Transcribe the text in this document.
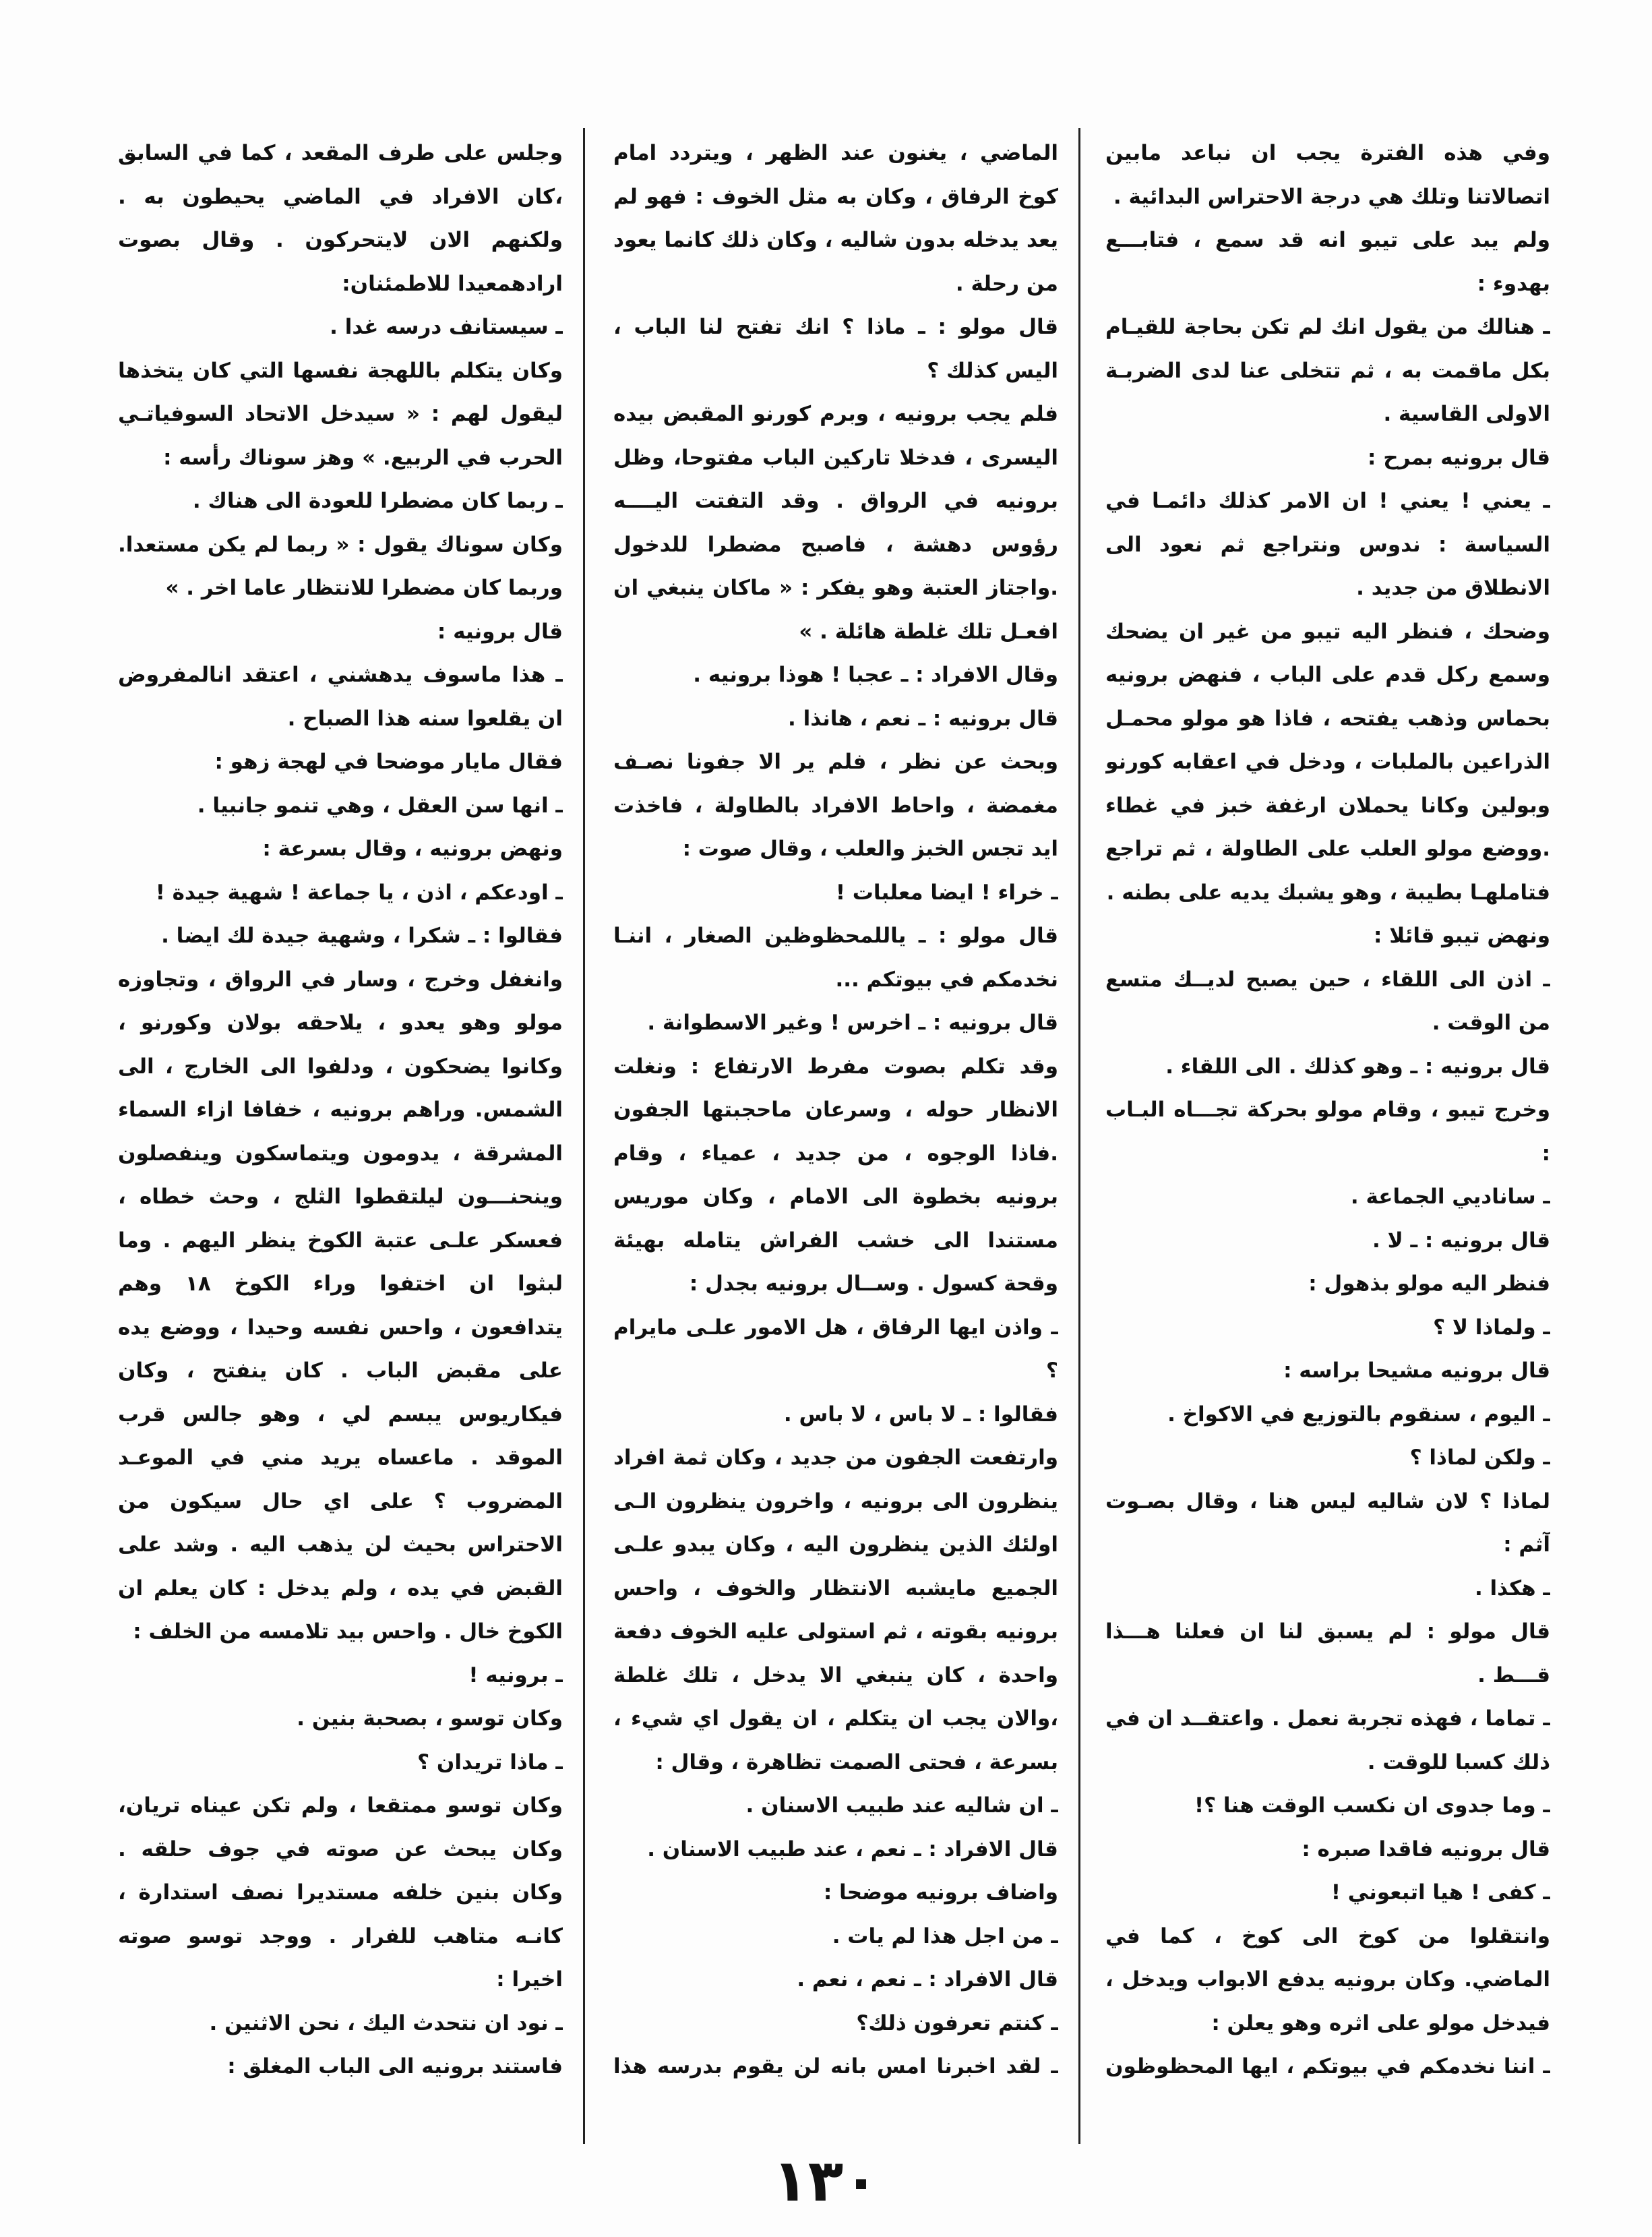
وفي هذه الفترة يجب ان نباعد مابين اتصالاتنا وتلك هي درجة الاحتراس البدائية .

ولم يبد على تيبو انه قد سمع ، فتابـــع بهدوء :

ـ هنالك من يقول انك لم تكن بحاجة للقيـام بكل ماقمت به ، ثم تتخلى عنا لدى الضربـة الاولى القاسية .

قال برونيه بمرح :

ـ يعني ! يعني ! ان الامر كذلك دائمـا في السياسة : ندوس ونتراجع ثم نعود الى الانطلاق من جديد .

وضحك ، فنظر اليه تيبو من غير ان يضحك وسمع ركل قدم على الباب ، فنهض برونيه بحماس وذهب يفتحه ، فاذا هو مولو محمـل الذراعين بالملبات ، ودخل في اعقابه كورنو وبولين وكانا يحملان ارغفة خبز في غطاء .ووضع مولو العلب على الطاولة ، ثم تراجع فتاملهـا بطيبة ، وهو يشبك يديه على بطنه .

ونهض تيبو قائلا :

ـ اذن الى اللقاء ، حين يصبح لديــك متسع من الوقت .

قال برونيه : ـ وهو كذلك . الى اللقاء .

وخرج تيبو ، وقام مولو بحركة تجـــاه البـاب :

ـ ساناديي الجماعة .

قال برونيه : ـ لا .

فنظر اليه مولو بذهول :

ـ ولماذا لا ؟

قال برونيه مشيحا براسه :

ـ اليوم ، سنقوم بالتوزيع في الاكواخ .

ـ ولكن لماذا ؟

لماذا ؟ لان شاليه ليس هنا ، وقال بصـوت آثم :

ـ هكذا .

قال مولو : لم يسبق لنا ان فعلنا هـــذا قـــط .

ـ تماما ، فهذه تجربة نعمل . واعتقــد ان في ذلك كسبا للوقت .

ـ وما جدوى ان نكسب الوقت هنا ؟!

قال برونيه فاقدا صبره :

ـ كفى ! هيا اتبعوني !

وانتقلوا من كوخ الى كوخ ، كما في الماضي. وكان برونيه يدفع الابواب ويدخل ، فيدخل مولو على اثره وهو يعلن :

ـ اننا نخدمكم في بيوتكم ، ايها المحظوظون

الماضي ، يغنون عند الظهر ، ويتردد امام كوخ الرفاق ، وكان به مثل الخوف : فهو لم يعد يدخله بدون شاليه ، وكان ذلك كانما يعود من رحلة .

قال مولو : ـ ماذا ؟ انك تفتح لنا الباب ، اليس كذلك ؟

فلم يجب برونيه ، وبرم كورنو المقبض بيده اليسرى ، فدخلا تاركين الباب مفتوحا، وظل برونيه في الرواق . وقد التفتت اليــــه رؤوس دهشة ، فاصبح مضطرا للدخول .واجتاز العتبة وهو يفكر : « ماكان ينبغي ان افعـل تلك غلطة هائلة . »

وقال الافراد : ـ عجبا ! هوذا برونيه .

قال برونيه : ـ نعم ، هانذا .

وبحث عن نظر ، فلم ير الا جفونا نصـف مغمضة ، واحاط الافراد بالطاولة ، فاخذت ايد تجس الخبز والعلب ، وقال صوت :

ـ خراء ! ايضا معلبات !

قال مولو : ـ ياللمحظوظين الصغار ، اننـا نخدمكم في بيوتكم ...

قال برونيه : ـ اخرس ! وغير الاسطوانة .

وقد تكلم بصوت مفرط الارتفاع : ونغلت الانظار حوله ، وسرعان ماحجبتها الجفون .فاذا الوجوه ، من جديد ، عمياء ، وقام برونيه بخطوة الى الامام ، وكان موريس مستندا الى خشب الفراش يتامله بهيئة وقحة كسول . وســال برونيه بجدل :

ـ واذن ايها الرفاق ، هل الامور علـى مايرام ؟

فقالوا : ـ لا باس ، لا باس .

وارتفعت الجفون من جديد ، وكان ثمة افراد ينظرون الى برونيه ، واخرون ينظرون الـى اولئك الذين ينظرون اليه ، وكان يبدو علـى الجميع مايشبه الانتظار والخوف ، واحس برونيه بقوته ، ثم استولى عليه الخوف دفعة واحدة ، كان ينبغي الا يدخل ، تلك غلطة ،والان يجب ان يتكلم ، ان يقول اي شيء ، بسرعة ، فحتى الصمت تظاهرة ، وقال :

ـ ان شاليه عند طبيب الاسنان .

قال الافراد : ـ نعم ، عند طبيب الاسنان .

واضاف برونيه موضحا :

ـ من اجل هذا لم يات .

قال الافراد : ـ نعم ، نعم .

ـ كنتم تعرفون ذلك؟

ـ لقد اخبرنا امس بانه لن يقوم بدرسه هذا

وجلس على طرف المقعد ، كما في السابق ،كان الافراد في الماضي يحيطون به . ولكنهم الان لايتحركون . وقال بصوت ارادهمعيدا للاطمئنان:

ـ سيستانف درسه غدا .

وكان يتكلم باللهجة نفسها التي كان يتخذها ليقول لهم : « سيدخل الاتحاد السوفياتـي الحرب في الربيع. » وهز سوناك رأسه :

ـ ربما كان مضطرا للعودة الى هناك .

وكان سوناك يقول : « ربما لم يكن مستعدا. وربما كان مضطرا للانتظار عاما اخر . »

قال برونيه :

ـ هذا ماسوف يدهشني ، اعتقد انالمفروض ان يقلعوا سنه هذا الصباح .

فقال مايار موضحا في لهجة زهو :

ـ انها سن العقل ، وهي تنمو جانبيا .

ونهض برونيه ، وقال بسرعة :

ـ اودعكم ، اذن ، يا جماعة ! شهية جيدة !

فقالوا : ـ شكرا ، وشهية جيدة لك ايضا .

وانغفل وخرج ، وسار في الرواق ، وتجاوزه مولو وهو يعدو ، يلاحقه بولان وكورنو ، وكانوا يضحكون ، ودلفوا الى الخارج ، الى الشمس. وراهم برونيه ، خفافا ازاء السماء المشرقة ، يدومون ويتماسكون وينفصلون وينحنـــون ليلتقطوا الثلج ، وحث خطاه ، فعسكر علـى عتبة الكوخ ينظر اليهم . وما لبثوا ان اختفوا وراء الكوخ ١٨ وهم يتدافعون ، واحس نفسه وحيدا ، ووضع يده على مقبض الباب . كان ينفتح ، وكان فيكاريوس يبسم لي ، وهو جالس قرب الموقد . ماعساه يريد مني في الموعـد المضروب ؟ على اي حال سيكون من الاحتراس بحيث لن يذهب اليه . وشد على القبض في يده ، ولم يدخل : كان يعلم ان الكوخ خال . واحس بيد تلامسه من الخلف :

ـ برونيه !

وكان توسو ، بصحبة بنين .

ـ ماذا تريدان ؟

وكان توسو ممتقعا ، ولم تكن عيناه تريان، وكان يبحث عن صوته في جوف حلقه . وكان بنين خلفه مستديرا نصف استدارة ، كانـه متاهب للفرار . ووجد توسو صوته اخيرا :

ـ نود ان نتحدث اليك ، نحن الاثنين .

فاستند برونيه الى الباب المغلق :

١٣٠
